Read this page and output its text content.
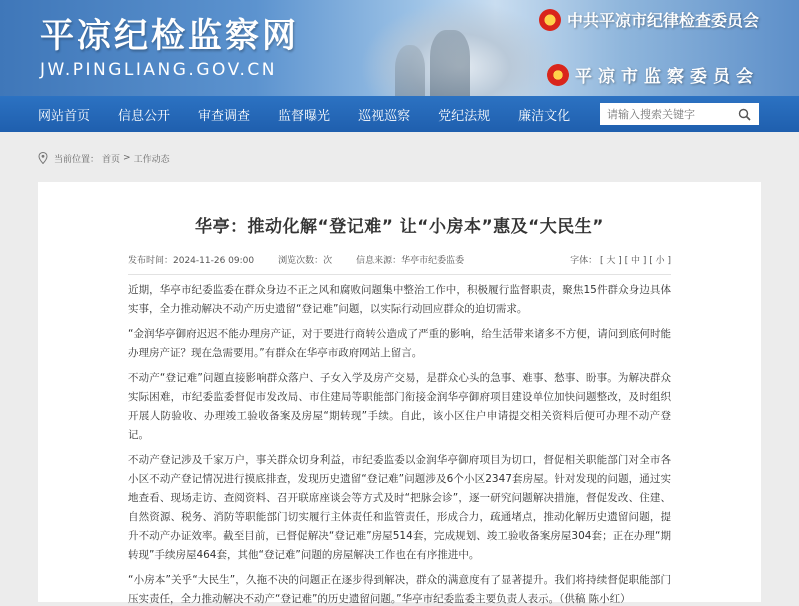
平凉纪检监察网
JW.PINGLIANG.GOV.CN
中共平凉市纪律检查委员会
平凉市监察委员会
网站首页 信息公开 审查调查 监督曝光 巡视巡察 党纪法规 廉洁文化
请输入搜索关键字
当前位置： 首页 > 工作动态
华亭：推动化解“登记难” 让“小房本”惠及“大民生”
发布时间：2024-11-26 09:00	浏览次数：次	信息来源：华亭市纪委监委	字体： [ 大 ] [ 中 ] [ 小 ]

近期，华亭市纪委监委在群众身边不正之风和腐败问题集中整治工作中，积极履行监督职责，聚焦15件群众身边具体实事，全力推动解决不动产历史遗留“登记难”问题，以实际行动回应群众的迫切需求。

“金润华亭御府迟迟不能办理房产证，对于要进行商转公造成了严重的影响，给生活带来诸多不方便，请问到底何时能办理房产证？现在急需要用。”有群众在华亭市政府网站上留言。

不动产“登记难”问题直接影响群众落户、子女入学及房产交易，是群众心头的急事、难事、愁事、盼事。为解决群众实际困难，市纪委监委督促市发改局、市住建局等职能部门衔接金润华亭御府项目建设单位加快问题整改，及时组织开展人防验收、办理竣工验收备案及房屋“期转现”手续。自此，该小区住户申请提交相关资料后便可办理不动产登记。

不动产登记涉及千家万户，事关群众切身利益，市纪委监委以金润华亭御府项目为切口，督促相关职能部门对全市各小区不动产登记情况进行摸底排查，发现历史遗留“登记难”问题涉及6个小区2347套房屋。针对发现的问题，通过实地查看、现场走访、查阅资料、召开联席座谈会等方式及时“把脉会诊”，逐一研究问题解决措施，督促发改、住建、自然资源、税务、消防等职能部门切实履行主体责任和监管责任，形成合力，疏通堵点，推动化解历史遗留问题，提升不动产办证效率。截至目前，已督促解决“登记难”房屋514套，完成规划、竣工验收备案房屋304套；正在办理“期转现”手续房屋464套，其他“登记难”问题的房屋解决工作也在有序推进中。

“小房本”关乎“大民生”，久拖不决的问题正在逐步得到解决，群众的满意度有了显著提升。我们将持续督促职能部门压实责任，全力推动解决不动产“登记难”的历史遗留问题。”华亭市纪委监委主要负责人表示。（供稿 陈小红）
